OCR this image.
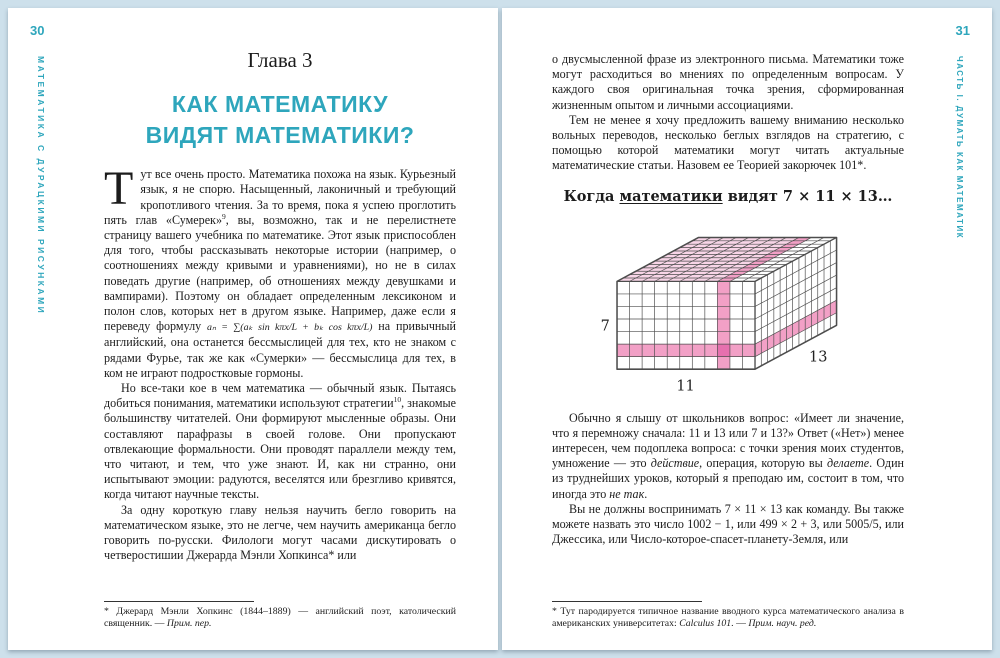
30
МАТЕМАТИКА С ДУРАЦКИМИ РИСУНКАМИ	Глава 3
КАК МАТЕМАТИКУ
ВИДЯТ МАТЕМАТИКИ?

Тут все очень просто. Математика похожа на язык. Курьезный язык, я не спорю. Насыщенный, лаконичный и требующий кропотливого чтения. За то время, пока я успею проглотить пять глав «Сумерек»$^9$, вы, возможно, так и не перелистнете страницу вашего учебника по математике. Этот язык приспособлен для того, чтобы рассказывать некоторые истории (например, о соотношениях между кривыми и уравнениями), но не в силах поведать другие (например, об отношениях между девушками и вампирами). Поэтому он обладает определенным лексиконом и полон слов, которых нет в другом языке. Например, даже если я переведу формулу aₙ = ∑(aₖ sin kπx/L + bₖ cos kπx/L) на привычный английский, она останется бессмыслицей для тех, кто не знаком с рядами Фурье, так же как «Сумерки» — бессмыслица для тех, в ком не играют подростковые гормоны.

Но все-таки кое в чем математика — обычный язык. Пытаясь добиться понимания, математики используют стратегии$^{10}$, знакомые большинству читателей. Они формируют мысленные образы. Они составляют парафразы в своей голове. Они пропускают отвлекающие формальности. Они проводят параллели между тем, что читают, и тем, что уже знают. И, как ни странно, они испытывают эмоции: радуются, веселятся или брезгливо кривятся, когда читают научные тексты.

За одну короткую главу нельзя научить бегло говорить на математическом языке, это не легче, чем научить американца бегло говорить по-русски. Филологи могут часами дискутировать о четверостишии Джерарда Мэнли Хопкинса* или

* Джерард Мэнли Хопкинс (1844–1889) — английский поэт, католический священник. — Прим. пер.

31
ЧАСТЬ I. ДУМАТЬ КАК МАТЕМАТИК

о двусмысленной фразе из электронного письма. Математики тоже могут расходиться во мнениях по определенным вопросам. У каждого своя оригинальная точка зрения, сформированная жизненным опытом и личными ассоциациями.

Тем не менее я хочу предложить вашему вниманию несколько вольных переводов, несколько беглых взглядов на стратегию, с помощью которой математики могут читать актуальные математические статьи. Назовем ее Теорией закорючек 101*.

Когда математики видят 7 × 11 × 13…
7
11
13

Обычно я слышу от школьников вопрос: «Имеет ли значение, что я перемножу сначала: 11 и 13 или 7 и 13?» Ответ («Нет») менее интересен, чем подоплека вопроса: с точки зрения моих студентов, умножение — это действие, операция, которую вы делаете. Один из труднейших уроков, который я преподаю им, состоит в том, что иногда это не так.

Вы не должны воспринимать 7 × 11 × 13 как команду. Вы также можете назвать это число 1002 − 1, или 499 × 2 + 3, или 5005/5, или Джессика, или Число-которое-спасет-планету-Земля, или

* Тут пародируется типичное название вводного курса математического анализа в американских университетах: Calculus 101. — Прим. науч. ред.
